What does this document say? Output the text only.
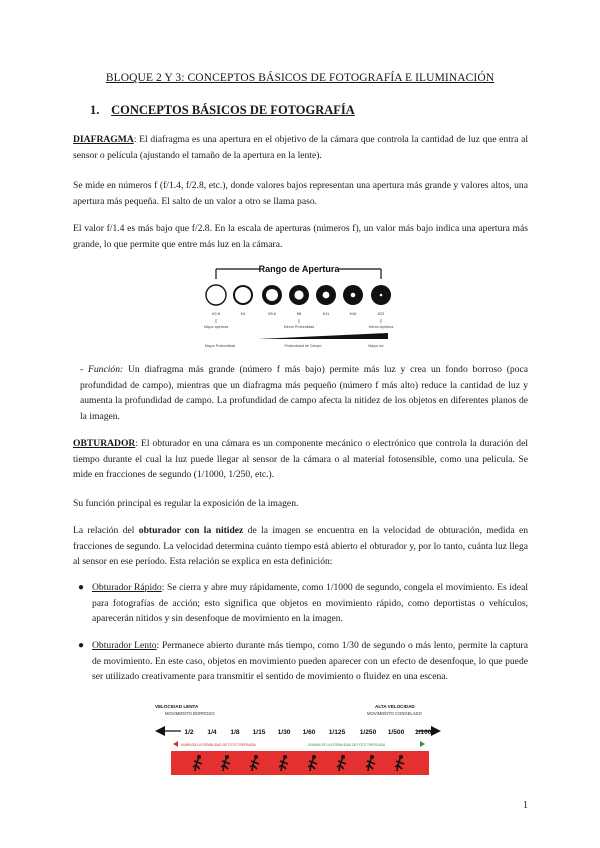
BLOQUE 2 Y 3: CONCEPTOS BÁSICOS DE FOTOGRAFÍA E ILUMINACIÓN
1. CONCEPTOS BÁSICOS DE FOTOGRAFÍA

DIAFRAGMA: El diafragma es una apertura en el objetivo de la cámara que controla la cantidad de luz que entra al sensor o película (ajustando el tamaño de la apertura en la lente).

Se mide en números f (f/1.4, f/2.8, etc.), donde valores bajos representan una apertura más grande y valores altos, una apertura más pequeña. El salto de un valor a otro se llama paso.

El valor f/1.4 es más bajo que f/2.8. En la escala de aperturas (números f), un valor más bajo indica una apertura más grande, lo que permite que entre más luz en la cámara.

Rango de Apertura
f/2.8	f/4	f/5.6	f/8	f/11	f/16	f/22
Mayor apertura	Menor Profundidad	Menor Apertura
Mayor Profundidad	Profundidad de Campo	Mayor luz

- Función: Un diafragma más grande (número f más bajo) permite más luz y crea un fondo borroso (poca profundidad de campo), mientras que un diafragma más pequeño (número f más alto) reduce la cantidad de luz y aumenta la profundidad de campo. La profundidad de campo afecta la nitidez de los objetos en diferentes planos de la imagen.

OBTURADOR: El obturador en una cámara es un componente mecánico o electrónico que controla la duración del tiempo durante el cual la luz puede llegar al sensor de la cámara o al material fotosensible, como una película. Se mide en fracciones de segundo (1/1000, 1/250, etc.).

Su función principal es regular la exposición de la imagen.

La relación del obturador con la nitidez de la imagen se encuentra en la velocidad de obturación, medida en fracciones de segundo. La velocidad determina cuánto tiempo está abierto el obturador y, por lo tanto, cuánta luz llega al sensor en ese período. Esta relación se explica en esta definición:

● Obturador Rápido: Se cierra y abre muy rápidamente, como 1/1000 de segundo, congela el movimiento. Es ideal para fotografías de acción; esto significa que objetos en movimiento rápido, como deportistas o vehículos, aparecerán nítidos y sin desenfoque de movimiento en la imagen.

● Obturador Lento: Permanece abierto durante más tiempo, como 1/30 de segundo o más lento, permite la captura de movimiento. En este caso, objetos en movimiento pueden aparecer con un efecto de desenfoque, lo que puede ser utilizado creativamente para transmitir el sentido de movimiento o fluidez en una escena.

VELOCIDAD LENTA
MOVIMIENTO BORROSO
ALTA VELOCIDAD
MOVIMIENTO CONGELADO
1/2 1/4 1/8 1/15 1/30 1/60 1/125 1/250 1/500 1/1000
AUMENTA LA POSIBILIDAD DE FOTO TREPIDADA	DISMINUYE LA POSIBILIDAD DE FOTO TREPIDADA
1
